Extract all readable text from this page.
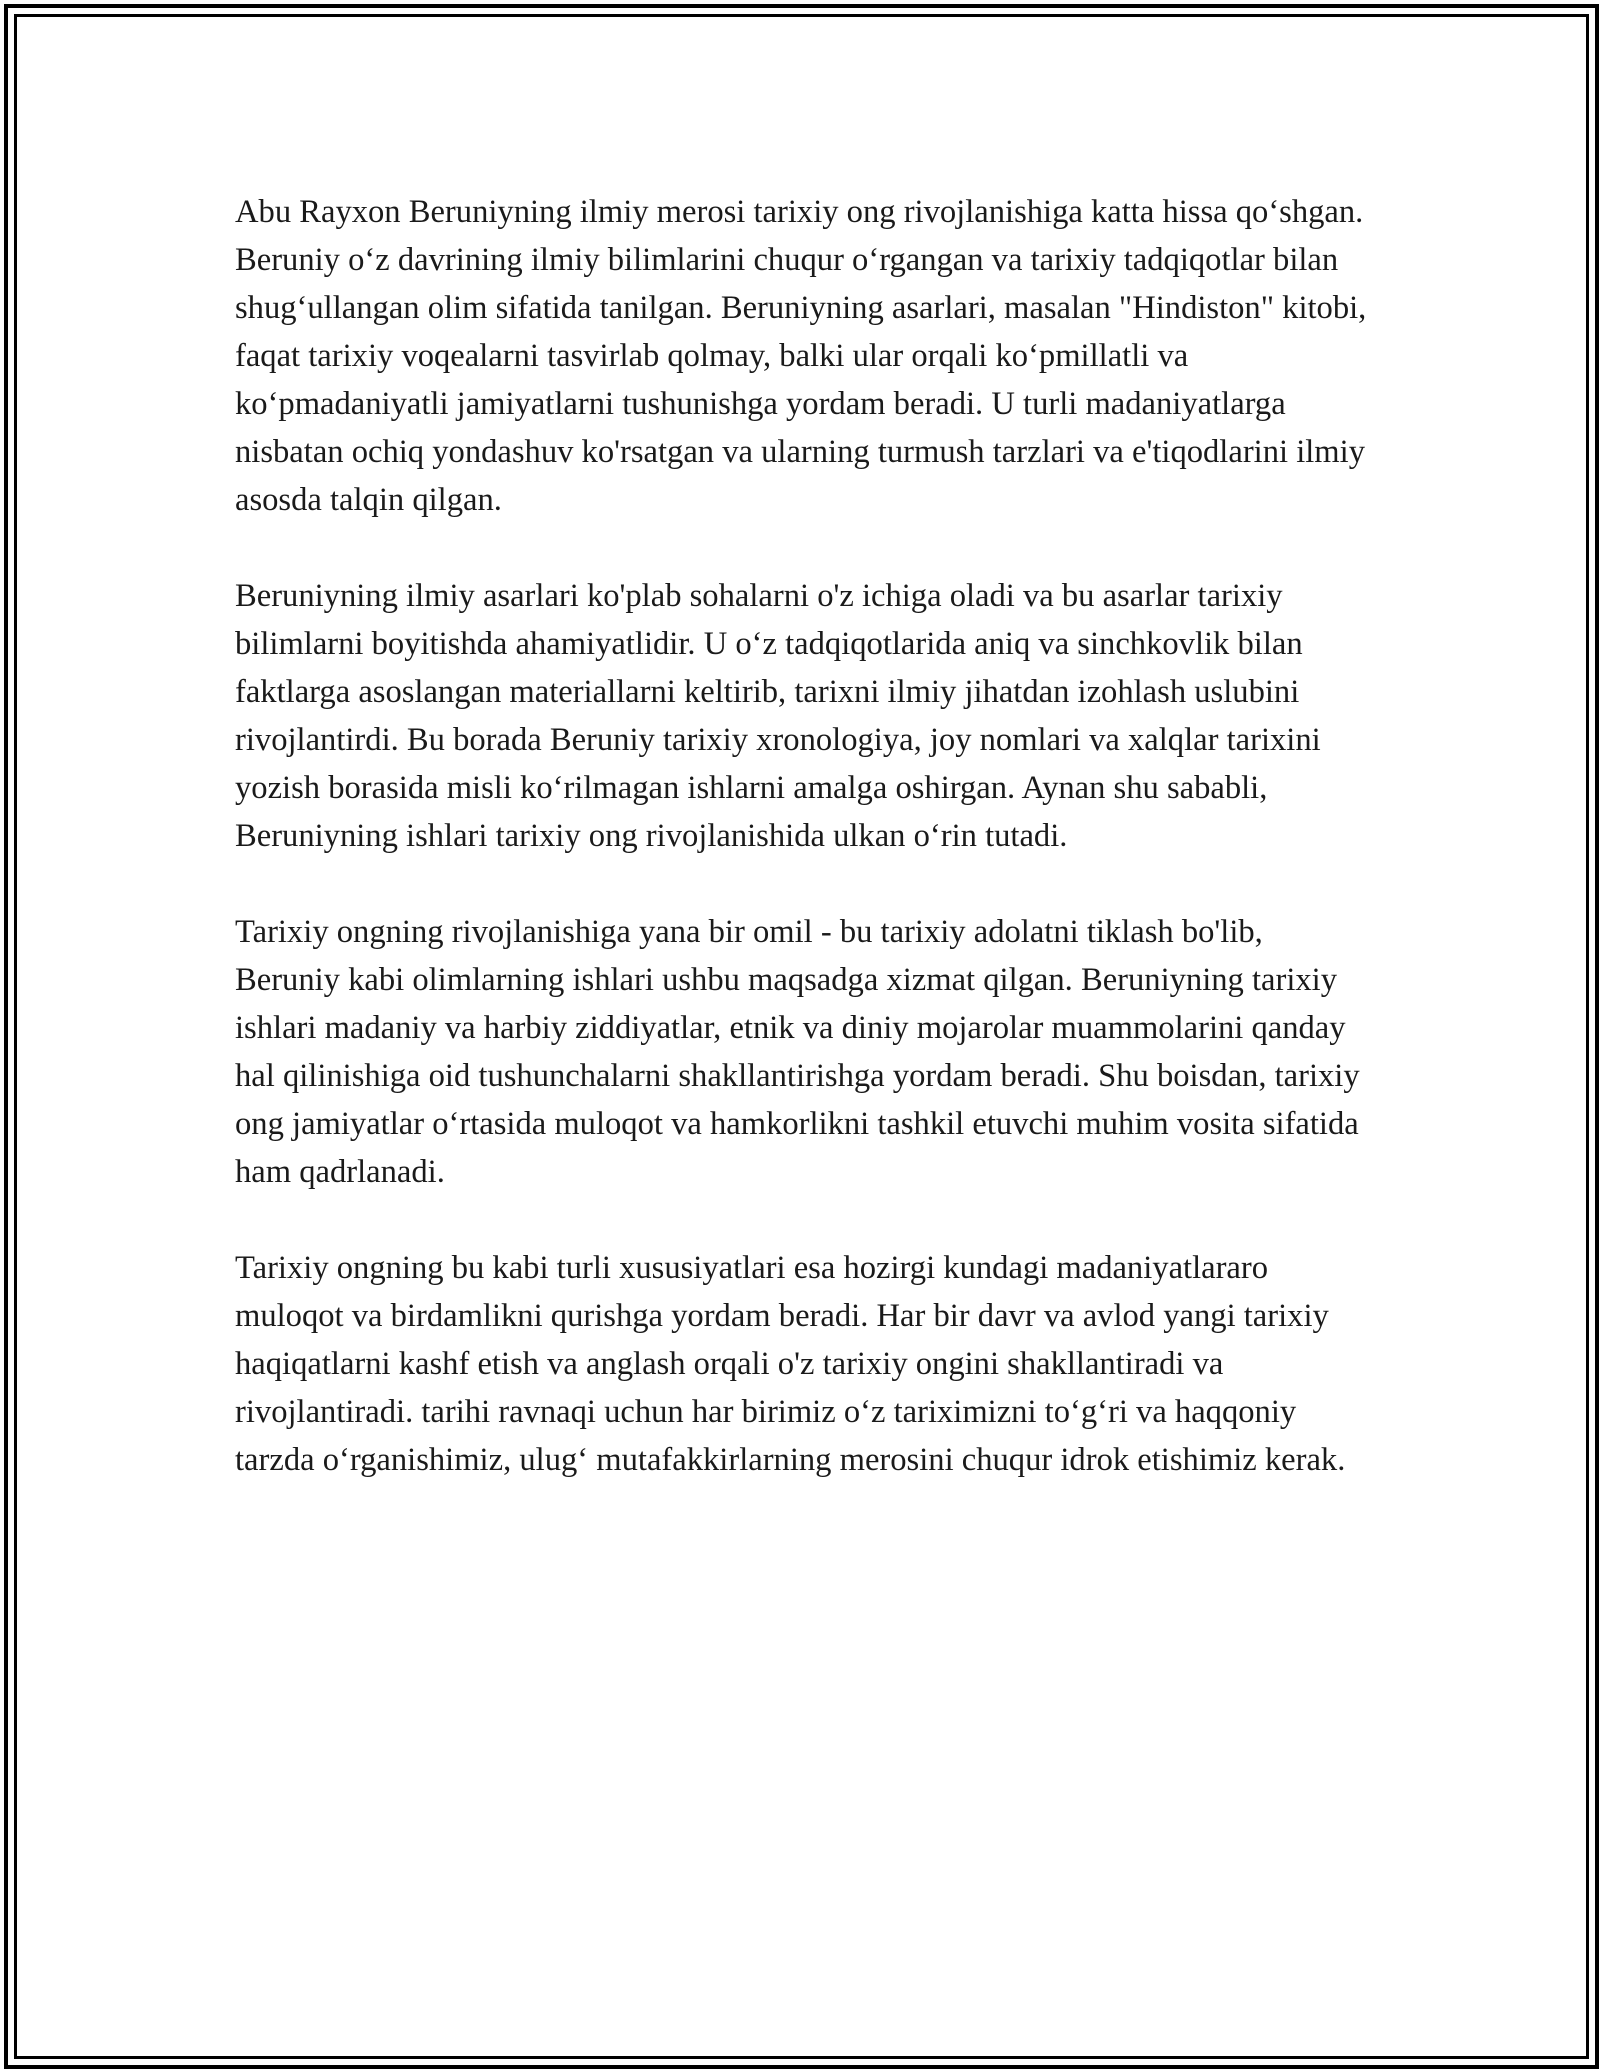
Abu Rayxon Beruniyning ilmiy merosi tarixiy ong rivojlanishiga katta hissa qo‘shgan. Beruniy o‘z davrining ilmiy bilimlarini chuqur o‘rgangan va tarixiy tadqiqotlar bilan shug‘ullangan olim sifatida tanilgan. Beruniyning asarlari, masalan "Hindiston" kitobi, faqat tarixiy voqealarni tasvirlab qolmay, balki ular orqali ko‘pmillatli va ko‘pmadaniyatli jamiyatlarni tushunishga yordam beradi. U turli madaniyatlarga nisbatan ochiq yondashuv ko'rsatgan va ularning turmush tarzlari va e'tiqodlarini ilmiy asosda talqin qilgan.

Beruniyning ilmiy asarlari ko'plab sohalarni o'z ichiga oladi va bu asarlar tarixiy bilimlarni boyitishda ahamiyatlidir. U o‘z tadqiqotlarida aniq va sinchkovlik bilan faktlarga asoslangan materiallarni keltirib, tarixni ilmiy jihatdan izohlash uslubini rivojlantirdi. Bu borada Beruniy tarixiy xronologiya, joy nomlari va xalqlar tarixini yozish borasida misli ko‘rilmagan ishlarni amalga oshirgan. Aynan shu sababli, Beruniyning ishlari tarixiy ong rivojlanishida ulkan o‘rin tutadi.

Tarixiy ongning rivojlanishiga yana bir omil - bu tarixiy adolatni tiklash bo'lib, Beruniy kabi olimlarning ishlari ushbu maqsadga xizmat qilgan. Beruniyning tarixiy ishlari madaniy va harbiy ziddiyatlar, etnik va diniy mojarolar muammolarini qanday hal qilinishiga oid tushunchalarni shakllantirishga yordam beradi. Shu boisdan, tarixiy ong jamiyatlar o‘rtasida muloqot va hamkorlikni tashkil etuvchi muhim vosita sifatida ham qadrlanadi.

Tarixiy ongning bu kabi turli xususiyatlari esa hozirgi kundagi madaniyatlararo muloqot va birdamlikni qurishga yordam beradi. Har bir davr va avlod yangi tarixiy haqiqatlarni kashf etish va anglash orqali o'z tarixiy ongini shakllantiradi va rivojlantiradi. tarihi ravnaqi uchun har birimiz o‘z tariximizni to‘g‘ri va haqqoniy tarzda o‘rganishimiz, ulug‘ mutafakkirlarning merosini chuqur idrok etishimiz kerak.
